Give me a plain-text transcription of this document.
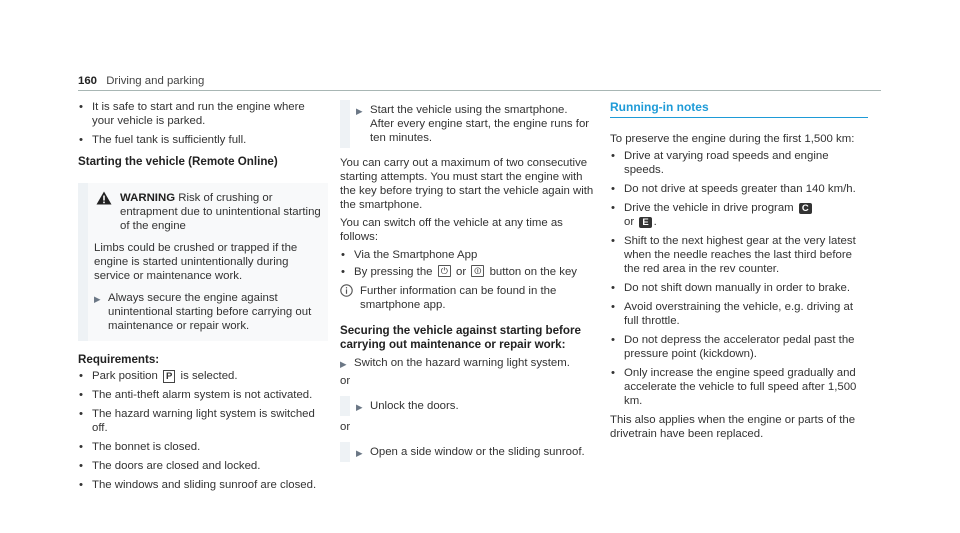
160 Driving and parking
• It is safe to start and run the engine where your vehicle is parked.
• The fuel tank is sufficiently full.
Starting the vehicle (Remote Online)
WARNING Risk of crushing or entrapment due to unintentional starting of the engine
Limbs could be crushed or trapped if the engine is started unintentionally during service or maintenance work.
▶ Always secure the engine against unintentional starting before carrying out maintenance or repair work.
Requirements:
• Park position P is selected.
• The anti-theft alarm system is not activated.
• The hazard warning light system is switched off.
• The bonnet is closed.
• The doors are closed and locked.
• The windows and sliding sunroof are closed.
▶ Start the vehicle using the smartphone.
After every engine start, the engine runs for ten minutes.
You can carry out a maximum of two consecutive starting attempts. You must start the engine with the key before trying to start the vehicle again with the smartphone.
You can switch off the vehicle at any time as follows:
• Via the Smartphone App
• By pressing the ⏻ or ⏼ button on the key
Further information can be found in the smartphone app.
Securing the vehicle against starting before carrying out maintenance or repair work:
▶ Switch on the hazard warning light system.
or
▶ Unlock the doors.
or
▶ Open a side window or the sliding sunroof.
Running-in notes
To preserve the engine during the first 1,500 km:
• Drive at varying road speeds and engine speeds.
• Do not drive at speeds greater than 140 km/h.
• Drive the vehicle in drive program C
or E .
• Shift to the next highest gear at the very latest when the needle reaches the last third before the red area in the rev counter.
• Do not shift down manually in order to brake.
• Avoid overstraining the vehicle, e.g. driving at full throttle.
• Do not depress the accelerator pedal past the pressure point (kickdown).
• Only increase the engine speed gradually and accelerate the vehicle to full speed after 1,500 km.
This also applies when the engine or parts of the drivetrain have been replaced.
